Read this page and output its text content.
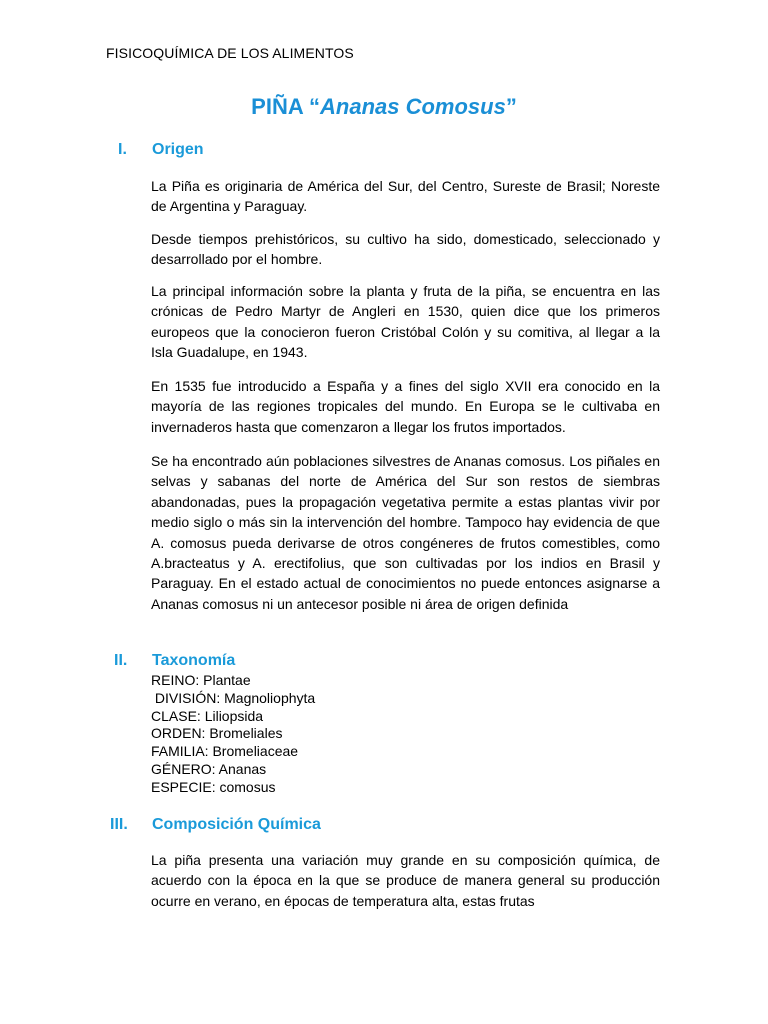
FISICOQUÍMICA DE LOS ALIMENTOS
PIÑA “Ananas Comosus”
I. Origen
La Piña es originaria de América del Sur, del Centro, Sureste de Brasil; Noreste de Argentina y Paraguay.
Desde tiempos prehistóricos, su cultivo ha sido, domesticado, seleccionado y desarrollado por el hombre.
La principal información sobre la planta y fruta de la piña, se encuentra en las crónicas de Pedro Martyr de Angleri en 1530, quien dice que los primeros europeos que la conocieron fueron Cristóbal Colón y su comitiva, al llegar a la Isla Guadalupe, en 1943.
En 1535 fue introducido a España y a fines del siglo XVII era conocido en la mayoría de las regiones tropicales del mundo. En Europa se le cultivaba en invernaderos hasta que comenzaron a llegar los frutos importados.
Se ha encontrado aún poblaciones silvestres de Ananas comosus. Los piñales en selvas y sabanas del norte de América del Sur son restos de siembras abandonadas, pues la propagación vegetativa permite a estas plantas vivir por medio siglo o más sin la intervención del hombre. Tampoco hay evidencia de que A. comosus pueda derivarse de otros congéneres de frutos comestibles, como A.bracteatus y A. erectifolius, que son cultivadas por los indios en Brasil y Paraguay. En el estado actual de conocimientos no puede entonces asignarse a Ananas comosus ni un antecesor posible ni área de origen definida
II. Taxonomía
REINO: Plantae
DIVISIÓN: Magnoliophyta
CLASE: Liliopsida
ORDEN: Bromeliales
FAMILIA: Bromeliaceae
GÉNERO: Ananas
ESPECIE: comosus
III. Composición Química
La piña presenta una variación muy grande en su composición química, de acuerdo con la época en la que se produce de manera general su producción ocurre en verano, en épocas de temperatura alta, estas frutas
